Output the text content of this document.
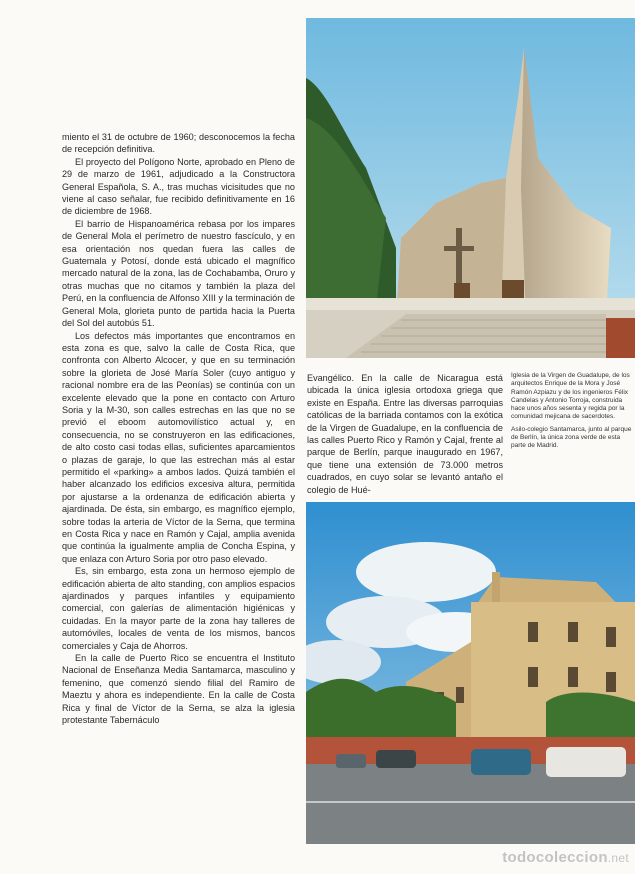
miento el 31 de octubre de 1960; desconocemos la fecha de recepción definitiva.

El proyecto del Polígono Norte, aprobado en Pleno de 29 de marzo de 1961, adjudicado a la Constructora General Española, S. A., tras muchas vicisitudes que no viene al caso señalar, fue recibido definitivamente en 16 de diciembre de 1968.

El barrio de Hispanoamérica rebasa por los impares de General Mola el perímetro de nuestro fascículo, y en esa orientación nos quedan fuera las calles de Guatemala y Potosí, donde está ubicado el magnífico mercado natural de la zona, las de Cochabamba, Oruro y otras muchas que no citamos y también la plaza del Perú, en la confluencia de Alfonso XIII y la terminación de General Mola, glorieta punto de partida hacia la Puerta del Sol del autobús 51.

Los defectos más importantes que encontramos en esta zona es que, salvo la calle de Costa Rica, que confronta con Alberto Alcocer, y que en su terminación sobre la glorieta de José María Soler (cuyo antiguo y racional nombre era de las Peonías) se continúa con un excelente elevado que la pone en contacto con Arturo Soria y la M-30, son calles estrechas en las que no se previó el eboom automovilístico actual y, en consecuencia, no se construyeron en las edificaciones, de alto costo casi todas ellas, suficientes aparcamientos o plazas de garaje, lo que las estrechan más al estar permitido el «parking» a ambos lados. Quizá también el haber alcanzado los edificios excesiva altura, permitida por ajustarse a la ordenanza de edificación abierta y ajardinada. De ésta, sin embargo, es magnífico ejemplo, sobre todas la arteria de Víctor de la Serna, que termina en Costa Rica y nace en Ramón y Cajal, amplia avenida que continúa la igualmente amplia de Concha Espina, y que enlaza con Arturo Soria por otro paso elevado.

Es, sin embargo, esta zona un hermoso ejemplo de edificación abierta de alto standing, con amplios espacios ajardinados y parques infantiles y equipamiento comercial, con galerías de alimentación higiénicas y cuidadas. En la mayor parte de la zona hay talleres de automóviles, locales de venta de los mismos, bancos comerciales y Caja de Ahorros.

En la calle de Puerto Rico se encuentra el Instituto Nacional de Enseñanza Media Santamarca, masculino y femenino, que comenzó siendo filial del Ramiro de Maeztu y ahora es independiente. En la calle de Costa Rica y final de Víctor de la Serna, se alza la iglesia protestante Tabernáculo

Evangélico. En la calle de Nicaragua está ubicada la única iglesia ortodoxa griega que existe en España. Entre las diversas parroquias católicas de la barriada contamos con la exótica de la Virgen de Guadalupe, en la confluencia de las calles Puerto Rico y Ramón y Cajal, frente al parque de Berlín, parque inaugurado en 1967, que tiene una extensión de 73.000 metros cuadrados, en cuyo solar se levantó antaño el colegio de Hué-

Iglesia de la Virgen de Guadalupe, de los arquitectos Enrique de la Mora y José Ramón Azpiazu y de los ingenieros Félix Candelas y Antonio Torroja, construida hace unos años sesenta y regida por la comunidad mejicana de sacerdotes.

Asilo-colegio Santamarca, junto al parque de Berlín, la única zona verde de esta parte de Madrid.

todocoleccion.net
